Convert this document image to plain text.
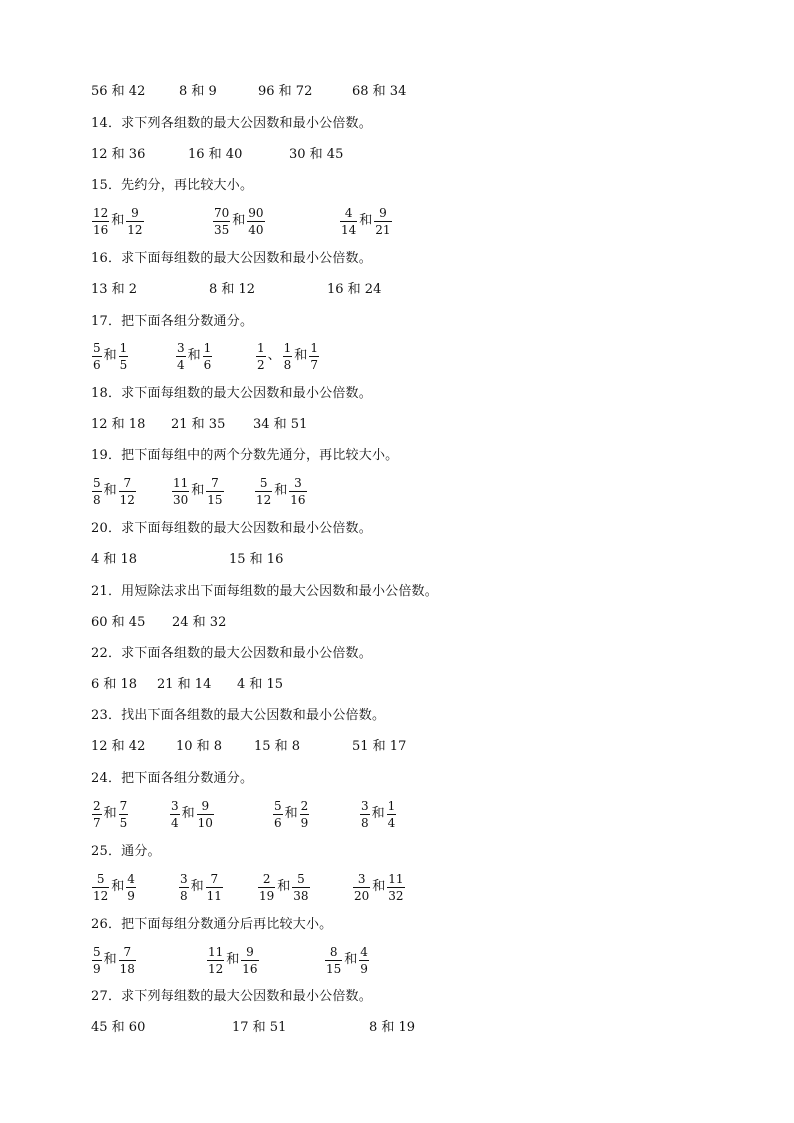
56 和 42	8 和 9	96 和 72	68 和 34
14．求下列各组数的最大公因数和最小公倍数。
12 和 36	16 和 40	30 和 45
15．先约分，再比较大小。
$\frac{12}{16}$ 和 $\frac{9}{12}$	$\frac{70}{35}$ 和 $\frac{90}{40}$	$\frac{4}{14}$ 和 $\frac{9}{21}$
16．求下面每组数的最大公因数和最小公倍数。
13 和 2	8 和 12	16 和 24
17．把下面各组分数通分。
$\frac{5}{6}$ 和 $\frac{1}{5}$	$\frac{3}{4}$ 和 $\frac{1}{6}$	$\frac{1}{2}$ 、 $\frac{1}{8}$ 和 $\frac{1}{7}$
18．求下面每组数的最大公因数和最小公倍数。
12 和 18 21 和 35 34 和 51
19．把下面每组中的两个分数先通分，再比较大小。
$\frac{5}{8}$ 和 $\frac{7}{12}$	$\frac{11}{30}$ 和 $\frac{7}{15}$	$\frac{5}{12}$ 和 $\frac{3}{16}$
20．求下面每组数的最大公因数和最小公倍数。
4 和 18	15 和 16
21．用短除法求出下面每组数的最大公因数和最小公倍数。
60 和 45 24 和 32
22．求下面各组数的最大公因数和最小公倍数。
6 和 18 21 和 14 4 和 15
23．找出下面各组数的最大公因数和最小公倍数。
12 和 42 10 和 8 15 和 8	51 和 17
24．把下面各组分数通分。
$\frac{2}{7}$ 和 $\frac{7}{5}$	$\frac{3}{4}$ 和 $\frac{9}{10}$	$\frac{5}{6}$ 和 $\frac{2}{9}$	$\frac{3}{8}$ 和 $\frac{1}{4}$
25．通分。
$\frac{5}{12}$ 和 $\frac{4}{9}$	$\frac{3}{8}$ 和 $\frac{7}{11}$	$\frac{2}{19}$ 和 $\frac{5}{38}$	$\frac{3}{20}$ 和 $\frac{11}{32}$
26．把下面每组分数通分后再比较大小。
$\frac{5}{9}$ 和 $\frac{7}{18}$	$\frac{11}{12}$ 和 $\frac{9}{16}$	$\frac{8}{15}$ 和 $\frac{4}{9}$
27．求下列每组数的最大公因数和最小公倍数。
45 和 60	17 和 51	8 和 19
